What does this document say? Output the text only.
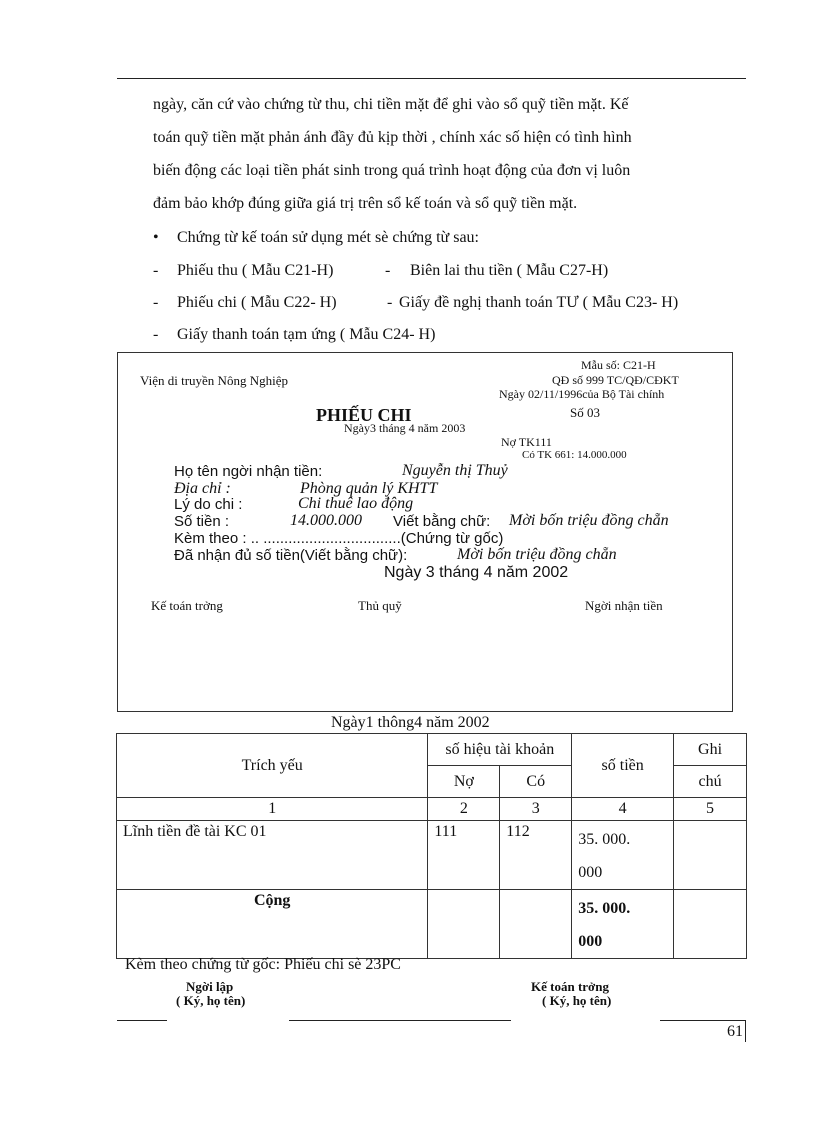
ngày, căn cứ vào chứng từ thu, chi tiền mặt để ghi vào sổ quỹ tiền mặt. Kế
toán quỹ tiền mặt phản ánh đầy đủ kịp thời , chính xác số hiện có tình hình
biến động các loại tiền phát sinh trong quá trình hoạt động của đơn vị luôn
đảm bảo khớp đúng giữa giá trị trên sổ kế toán và sổ quỹ tiền mặt.
• Chứng từ kế toán sử dụng mét sè chứng từ sau:
- Phiếu thu ( Mẫu C21-H)	- Biên lai thu tiền ( Mẫu C27-H)
- Phiếu chi ( Mẫu C22- H)	- Giấy đề nghị thanh toán TƯ ( Mẫu C23- H)
- Giấy thanh toán tạm ứng ( Mẫu C24- H)
Viện di truyền Nông Nghiệp
Mẫu số: C21-H
QĐ số 999 TC/QĐ/CĐKT
Ngày 02/11/1996của Bộ Tài chính
PHIẾU CHI	Số 03
Ngày3 tháng 4 năm 2003
Nợ TK111
Có TK 661: 14.000.000
Họ tên ngời nhận tiền:	Nguyễn thị Thuỷ
Địa chỉ :	Phòng quản lý KHTT
Lý do chi :	Chi thuê lao động
Số tiền :	14.000.000 Viết bằng chữ: Mời bốn triệu đồng chẵn
Kèm theo : .. .................................(Chứng từ gốc)
Đã nhận đủ số tiền(Viết bằng chữ):	Mời bốn triệu đồng chẵn
Ngày 3 tháng 4 năm 2002
Kế toán trởng	Thủ quỹ	Ngời nhận tiền
Ngày1 thông4 năm 2002
Trích yếu	số hiệu tài khoản		số tiền	Ghi
	Nợ	Có		chú
1	2	3	4	5
Lĩnh tiền đề tài KC 01	111	112	35. 000.
000	
Cộng			35. 000.
000	
Kèm theo chứng từ gốc: Phiếu chi sè 23PC
Ngời lập
( Ký, họ tên)
Kế toán trởng
( Ký, họ tên)
61
